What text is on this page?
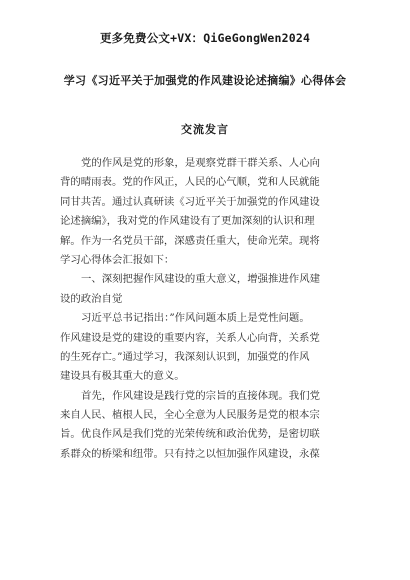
更多免费公文+VX：QiGeGongWen2024
学习《习近平关于加强党的作风建设论述摘编》心得体会
交流发言
党的作风是党的形象，是观察党群干群关系、人心向
背的晴雨表。党的作风正，人民的心气顺，党和人民就能
同甘共苦。通过认真研读《习近平关于加强党的作风建设
论述摘编》，我对党的作风建设有了更加深刻的认识和理
解。作为一名党员干部，深感责任重大，使命光荣。现将
学习心得体会汇报如下：
一、深刻把握作风建设的重大意义，增强推进作风建
设的政治自觉
习近平总书记指出：”作风问题本质上是党性问题。
作风建设是党的建设的重要内容，关系人心向背，关系党
的生死存亡。”通过学习，我深刻认识到，加强党的作风
建设具有极其重大的意义。
首先，作风建设是践行党的宗旨的直接体现。我们党
来自人民、植根人民，全心全意为人民服务是党的根本宗
旨。优良作风是我们党的光荣传统和政治优势，是密切联
系群众的桥梁和纽带。只有持之以恒加强作风建设，永葆
